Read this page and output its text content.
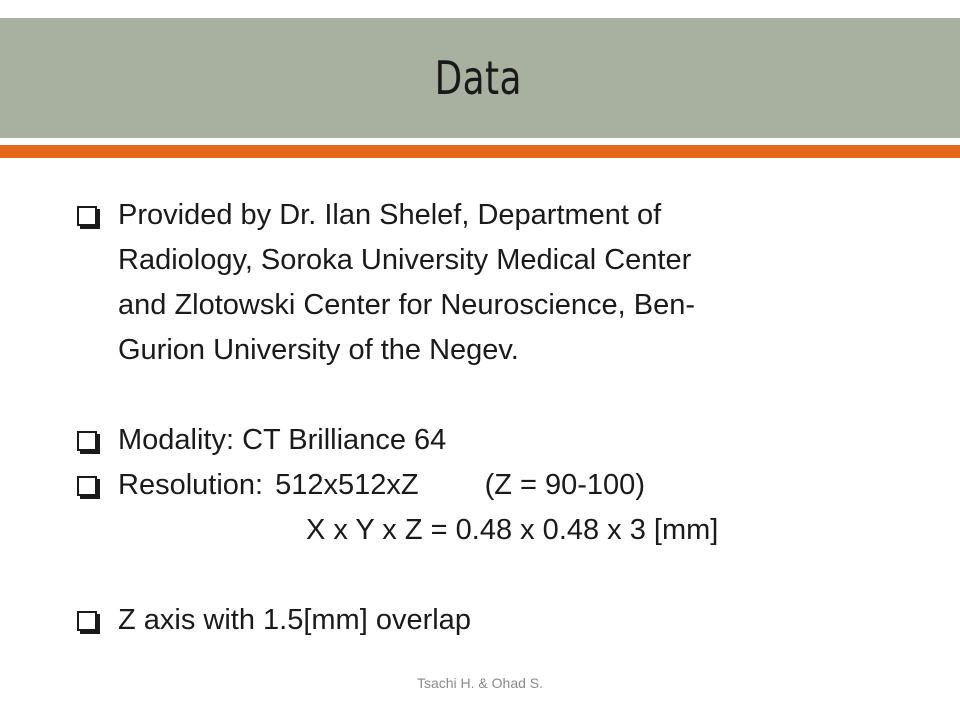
Data
Provided by Dr. Ilan Shelef, Department of
Radiology, Soroka University Medical Center
and Zlotowski Center for Neuroscience, Ben-
Gurion University of the Negev.
Modality: CT Brilliance 64
Resolution: 512x512xZ (Z = 90-100)
X x Y x Z = 0.48 x 0.48 x 3 [mm]
Z axis with 1.5[mm] overlap
Tsachi H. & Ohad S.
